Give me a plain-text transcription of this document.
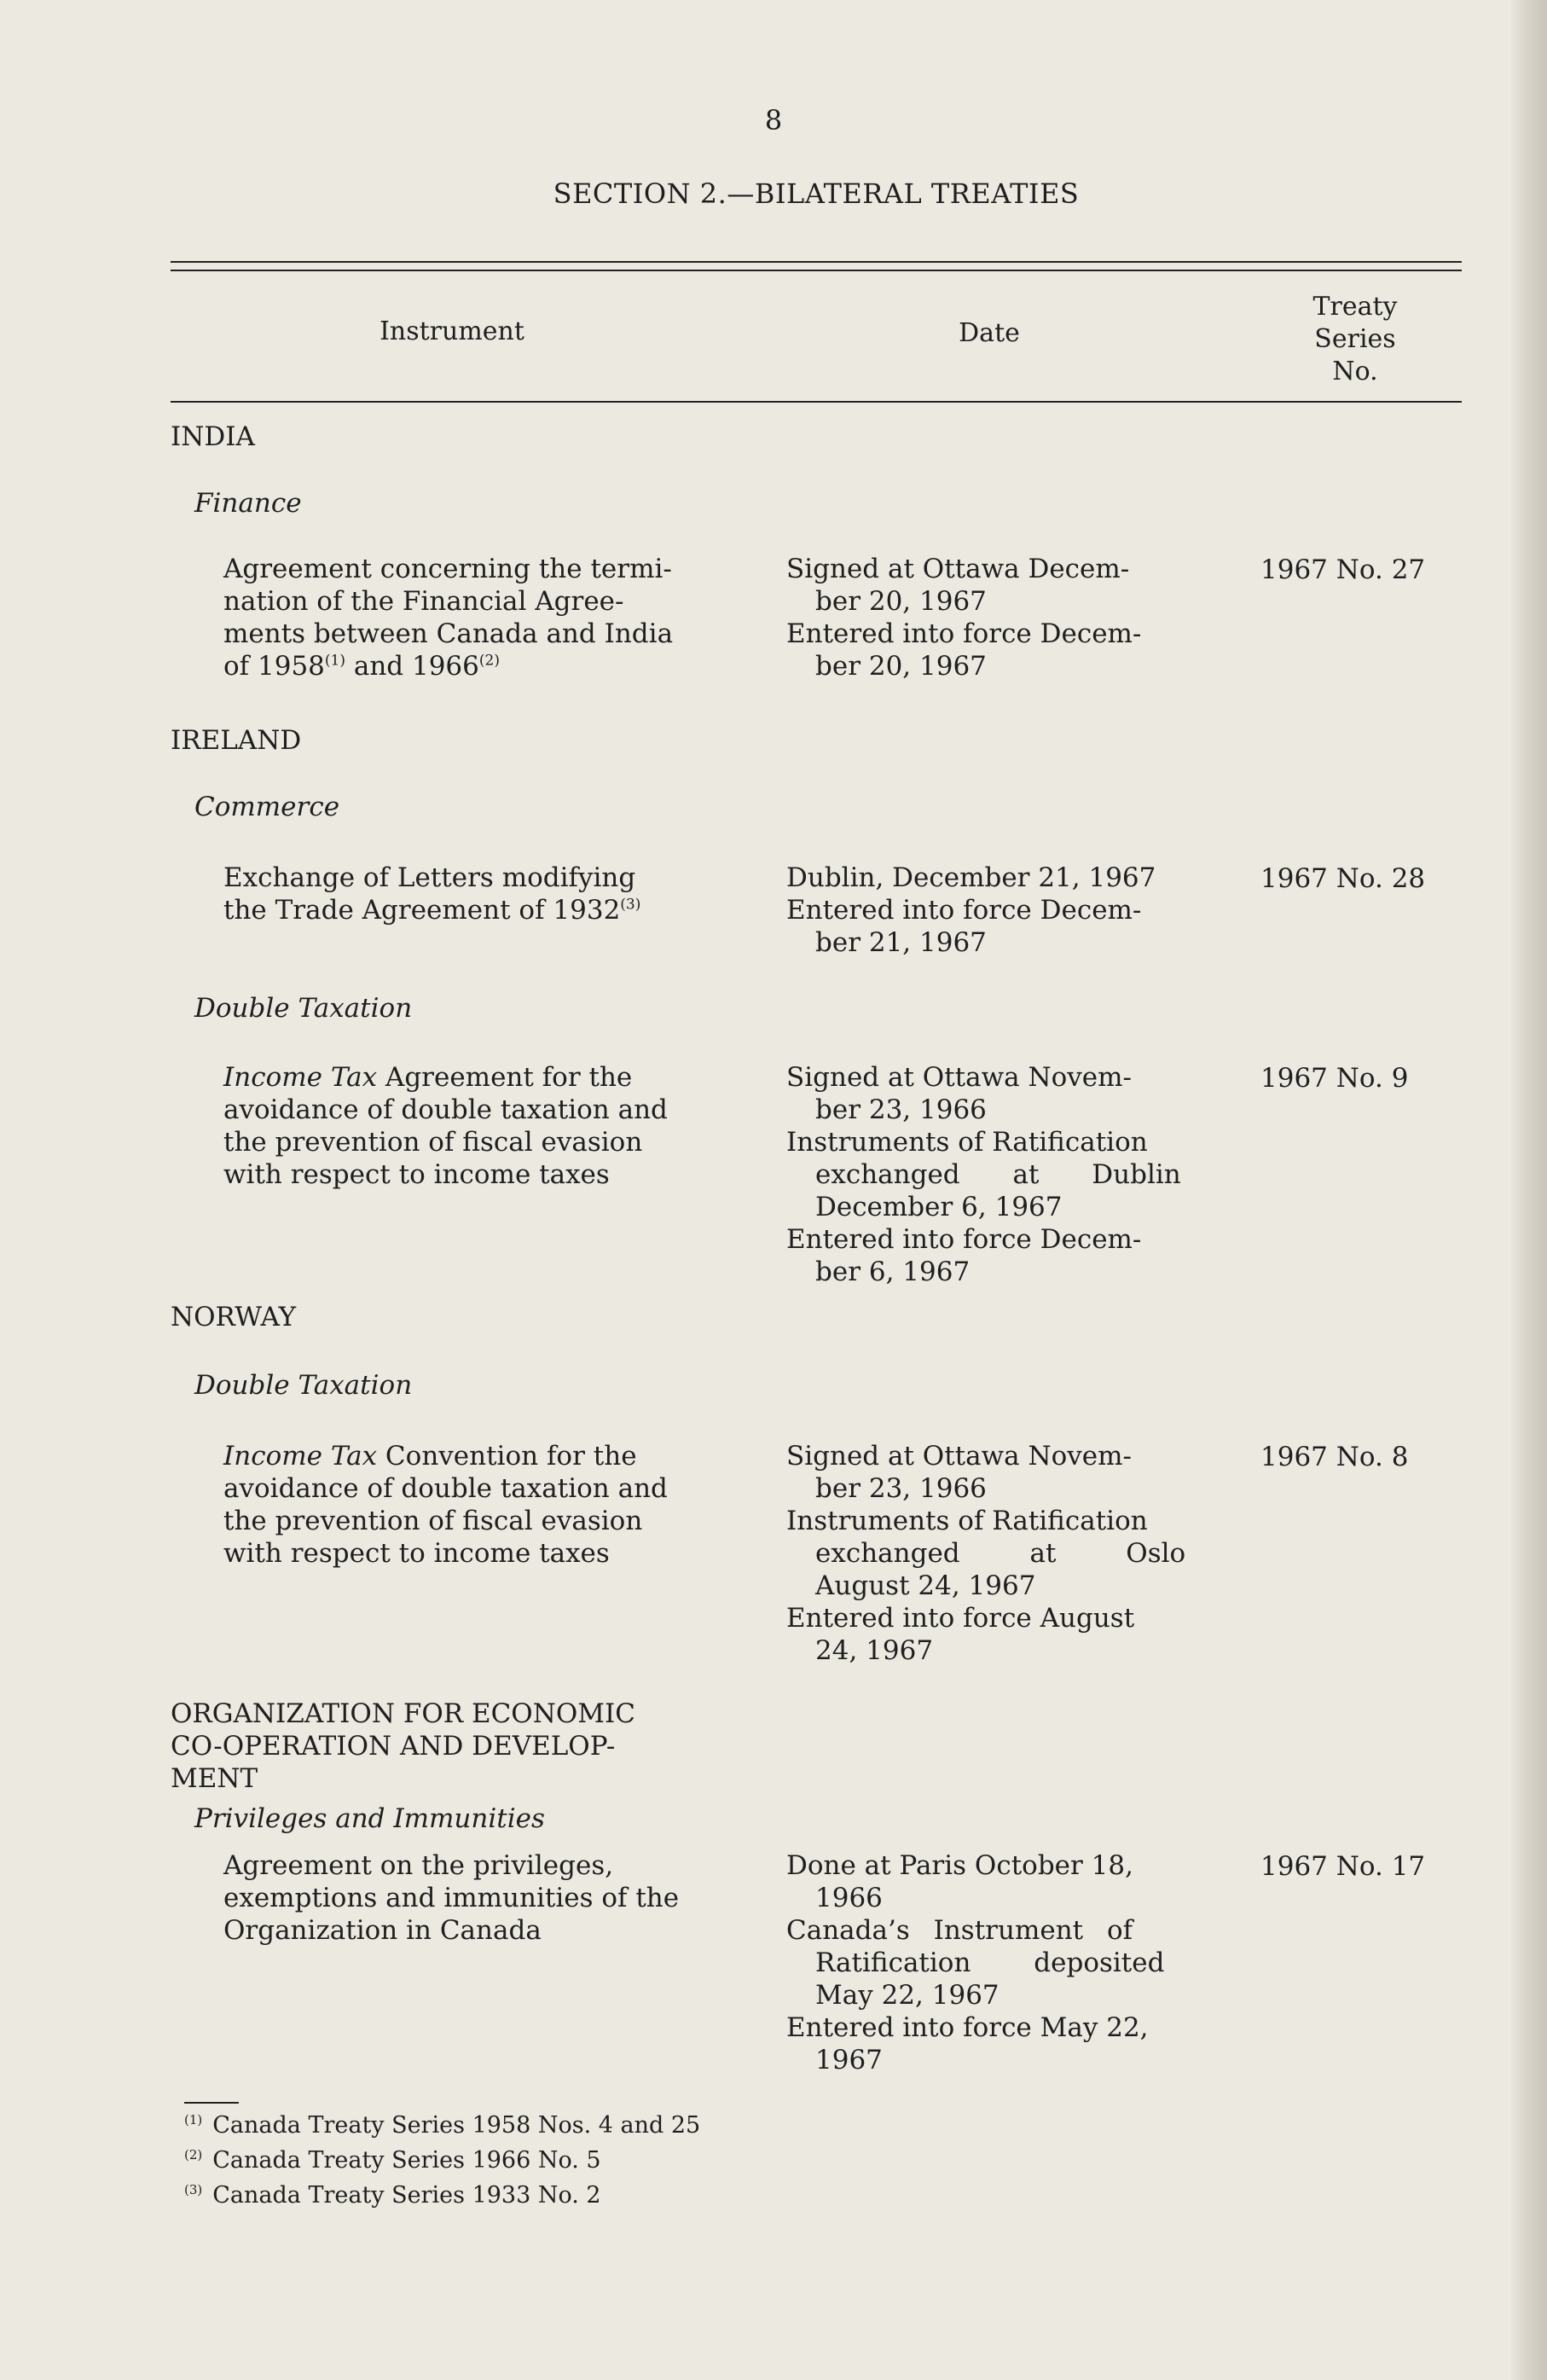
8
SECTION 2.—BILATERAL TREATIES
Instrument	Date
Treaty
Series
No.
INDIA
Finance
Agreement concerning the termi-
nation of the Financial Agree-
ments between Canada and India
of 1958$^{(1)}$ and 1966$^{(2)}$
Signed at Ottawa Decem-
ber 20, 1967
Entered into force Decem-
ber 20, 1967
1967 No. 27
IRELAND
Commerce
Exchange of Letters modifying
the Trade Agreement of 1932$^{(3)}$
Dublin, December 21, 1967
Entered into force Decem-
ber 21, 1967
1967 No. 28
Double Taxation
Income Tax Agreement for the
avoidance of double taxation and
the prevention of fiscal evasion
with respect to income taxes
Signed at Ottawa Novem-
ber 23, 1966
Instruments of Ratification
exchanged at Dublin
December 6, 1967
Entered into force Decem-
ber 6, 1967
1967 No. 9
NORWAY
Double Taxation
Income Tax Convention for the
avoidance of double taxation and
the prevention of fiscal evasion
with respect to income taxes
Signed at Ottawa Novem-
ber 23, 1966
Instruments of Ratification
exchanged at Oslo
August 24, 1967
Entered into force August
24, 1967
1967 No. 8
ORGANIZATION FOR ECONOMIC
CO-OPERATION AND DEVELOP-
MENT
Privileges and Immunities
Agreement on the privileges,
exemptions and immunities of the
Organization in Canada
Done at Paris October 18,
1966
Canada’s Instrument of
Ratification deposited
May 22, 1967
Entered into force May 22,
1967
1967 No. 17
$^{(1)}$ Canada Treaty Series 1958 Nos. 4 and 25
$^{(2)}$ Canada Treaty Series 1966 No. 5
$^{(3)}$ Canada Treaty Series 1933 No. 2
